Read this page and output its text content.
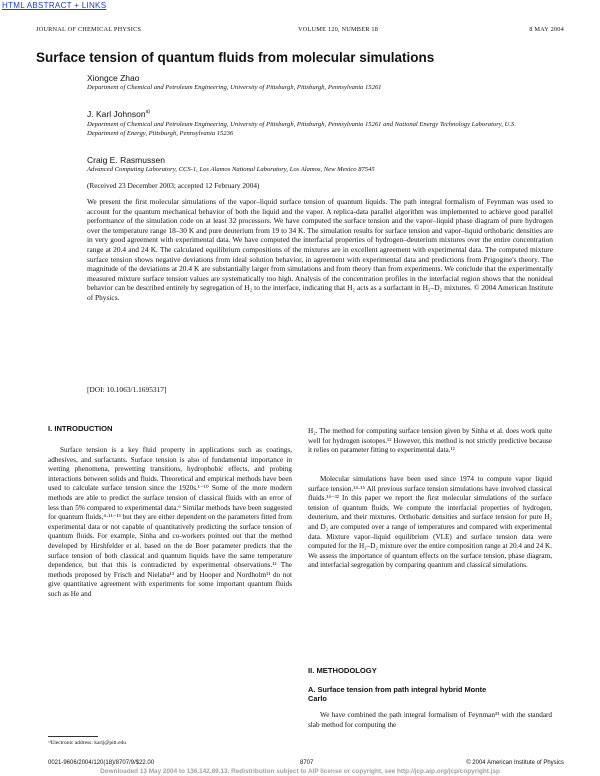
HTML ABSTRACT + LINKS
JOURNAL OF CHEMICAL PHYSICS	VOLUME 120, NUMBER 18	8 MAY 2004
Surface tension of quantum fluids from molecular simulations

Xiongce Zhao

Department of Chemical and Petroleum Engineering, University of Pittsburgh, Pittsburgh, Pennsylvania 15261

J. Karl Johnson$^{a)}$

Department of Chemical and Petroleum Engineering, University of Pittsburgh, Pittsburgh, Pennsylvania 15261 and National Energy Technology Laboratory, U.S. Department of Energy, Pittsburgh, Pennsylvania 15236

Craig E. Rasmussen

Advanced Computing Laboratory, CCS-1, Los Alamos National Laboratory, Los Alamos, New Mexico 87545

(Received 23 December 2003; accepted 12 February 2004)

We present the first molecular simulations of the vapor–liquid surface tension of quantum liquids. The path integral formalism of Feynman was used to account for the quantum mechanical behavior of both the liquid and the vapor. A replica-data parallel algorithm was implemented to achieve good parallel performance of the simulation code on at least 32 processors. We have computed the surface tension and the vapor–liquid phase diagram of pure hydrogen over the temperature range 18–30 K and pure deuterium from 19 to 34 K. The simulation results for surface tension and vapor–liquid orthobaric densities are in very good agreement with experimental data. We have computed the interfacial properties of hydrogen–deuterium mixtures over the entire concentration range at 20.4 and 24 K. The calculated equilibrium compositions of the mixtures are in excellent agreement with experimental data. The computed mixture surface tension shows negative deviations from ideal solution behavior, in agreement with experimental data and predictions from Prigogine's theory. The magnitude of the deviations at 20.4 K are substantially larger from simulations and from theory than from experiments. We conclude that the experimentally measured mixture surface tension values are systematically too high. Analysis of the concentration profiles in the interfacial region shows that the nonideal behavior can be described entirely by segregation of H₂ to the interface, indicating that H₂ acts as a surfactant in H₂–D₂ mixtures. © 2004 American Institute of Physics.

[DOI: 10.1063/1.1695317]

I. INTRODUCTION

Surface tension is a key fluid property in applications such as coatings, adhesives, and surfactants. Surface tension is also of fundamental importance in wetting phenomena, prewetting transitions, hydrophobic effects, and probing interactions between solids and fluids. Theoretical and empirical methods have been used to calculate surface tension since the 1920s.¹⁻¹⁰ Some of the more modern methods are able to predict the surface tension of classical fluids with an error of less than 5% compared to experimental data.⁶ Similar methods have been suggested for quantum fluids,⁴·¹¹⁻¹³ but they are either dependent on the parameters fitted from experimental data or not capable of quantitatively predicting the surface tension of quantum fluids. For example, Sinha and co-workers pointed out that the method developed by Hirshfelder et al. based on the de Boer parameter predicts that the surface tension of both classical and quantum liquids have the same temperature dependence, but that this is contradicted by experimental observations.¹² The methods proposed by Frisch and Nielaba¹³ and by Hooper and Nordholm¹¹ do not give quantitative agreement with experiments for some important quantum fluids such as He and

H₂. The method for computing surface tension given by Sinha et al. does work quite well for hydrogen isotopes.¹² However, this method is not strictly predictive because it relies on parameter fitting to experimental data.¹²

Molecular simulations have been used since 1974 to compute vapor liquid surface tension.¹⁴·¹⁵ All previous surface tension simulations have involved classical fluids.¹⁴⁻³² In this paper we report the first molecular simulations of the surface tension of quantum fluids. We compute the interfacial properties of hydrogen, deuterium, and their mixtures. Orthobaric densities and surface tension for pure H₂ and D₂ are computed over a range of temperatures and compared with experimental data. Mixture vapor–liquid equilibrium (VLE) and surface tension data were computed for the H₂–D₂ mixture over the entire composition range at 20.4 and 24 K. We assess the importance of quantum effects on the surface tension, phase diagram, and interfacial segregation by comparing quantum and classical simulations.

II. METHODOLOGY
A. Surface tension from path integral hybrid Monte Carlo

We have combined the path integral formalism of Feynman³³ with the standard slab method for computing the

ᵃ⁾Electronic address: karlj@pitt.edu

0021-9606/2004/120(18)/8707/9/$22.00	8707	© 2004 American Institute of Physics

Downloaded 13 May 2004 to 136.142.89.13. Redistribution subject to AIP license or copyright, see http://jcp.aip.org/jcp/copyright.jsp
